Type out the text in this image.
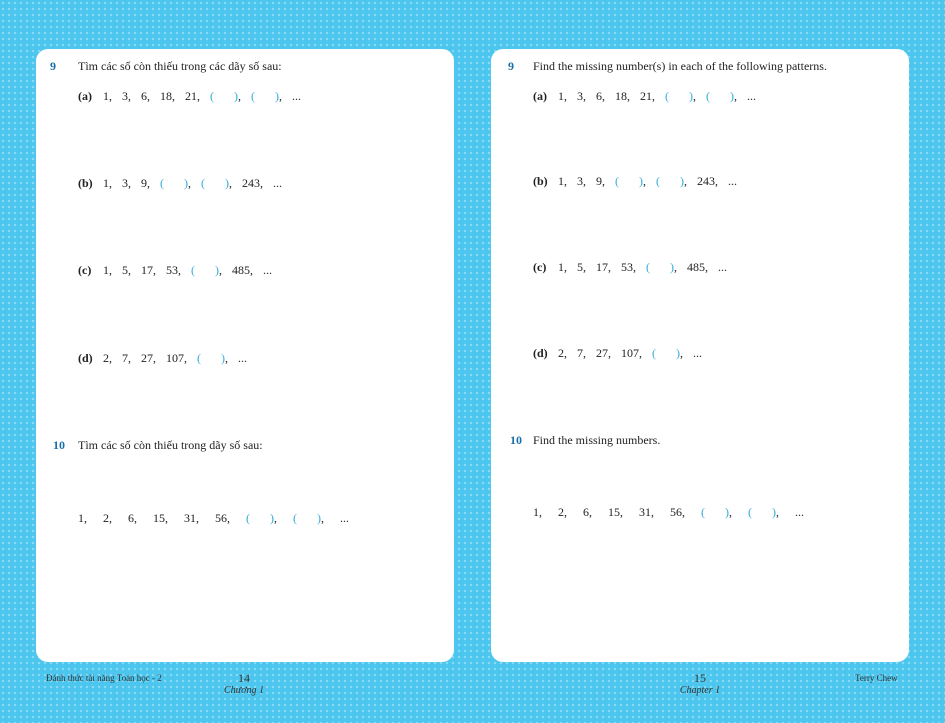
9 Tìm các số còn thiếu trong các dãy số sau:
(a) 1, 3, 6, 18, 21, ( ), ( ), ...
(b) 1, 3, 9, ( ), ( ), 243, ...
(c) 1, 5, 17, 53, ( ), 485, ...
(d) 2, 7, 27, 107, ( ), ...
10 Tìm các số còn thiếu trong dãy số sau:
1, 2, 6, 15, 31, 56, ( ), ( ), ...
9 Find the missing number(s) in each of the following patterns.
(a) 1, 3, 6, 18, 21, ( ), ( ), ...
(b) 1, 3, 9, ( ), ( ), 243, ...
(c) 1, 5, 17, 53, ( ), 485, ...
(d) 2, 7, 27, 107, ( ), ...
10 Find the missing numbers.
1, 2, 6, 15, 31, 56, ( ), ( ), ...
Đánh thức tài năng Toán học - 2	14
Chương 1
15
Chapter 1
Terry Chew
